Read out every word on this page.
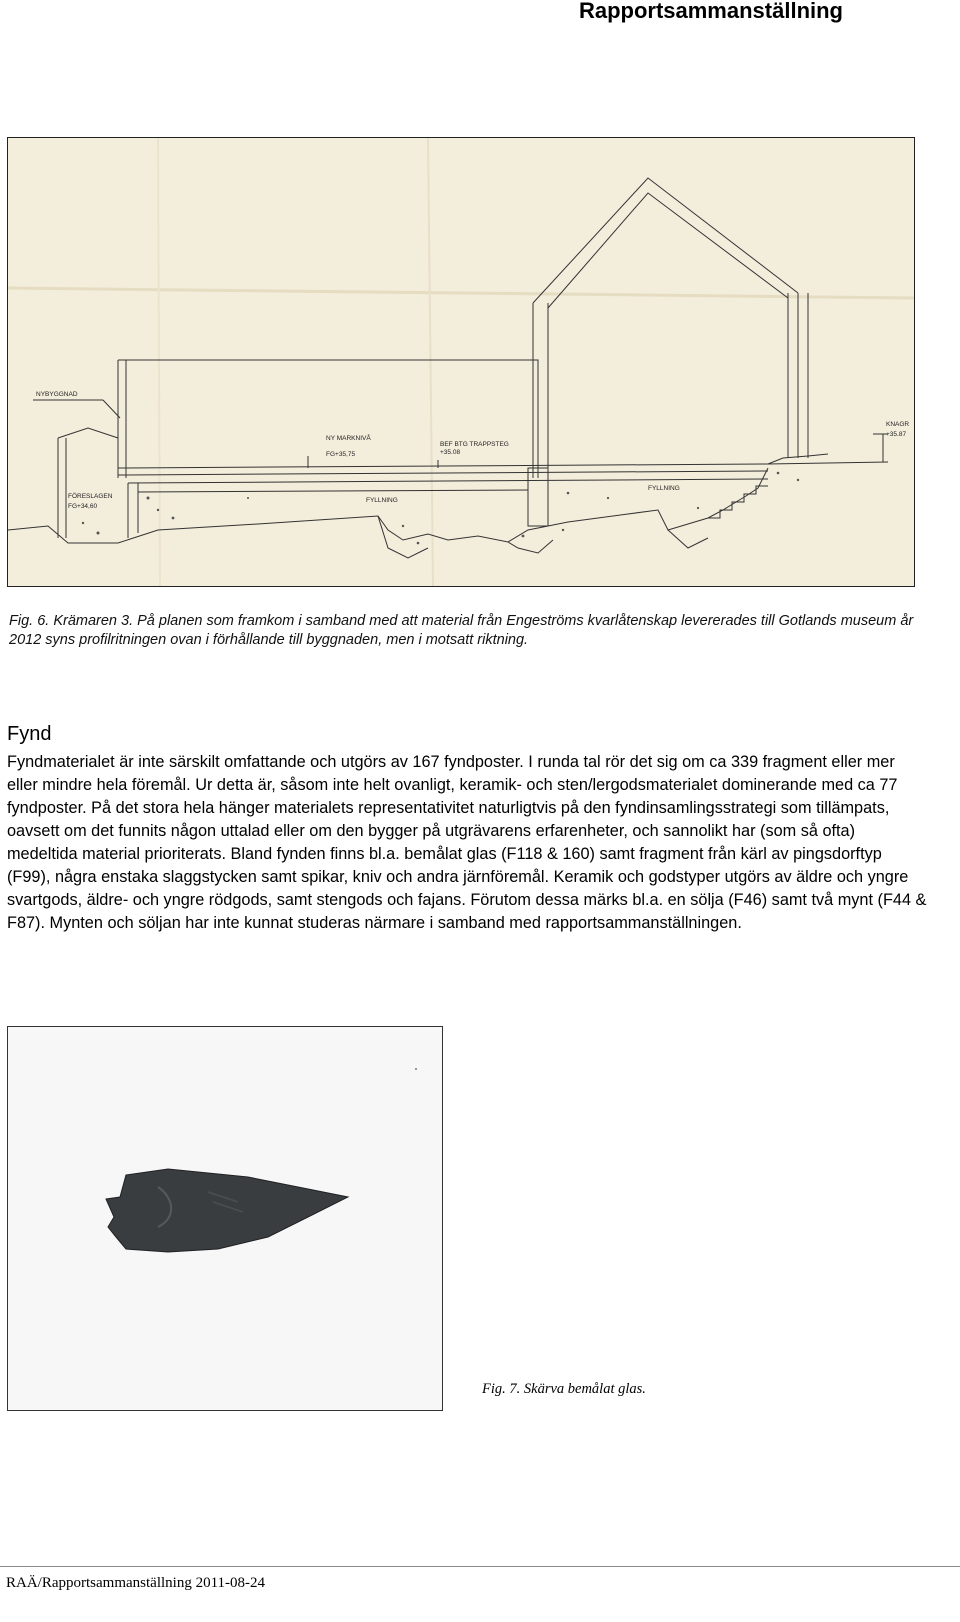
Rapportsammanställning
NYBYGGNAD
FÖRESLAGEN
FG+34,60
NY MARKNIVÅ
FG+35,75
BEF BTG TRAPPSTEG
+35.08
KNAGR
+35.87
FYLLNING
FYLLNING
Fig. 6. Krämaren 3. På planen som framkom i samband med att material från Engeströms kvarlåtenskap levererades till Gotlands museum år 2012 syns profilritningen ovan i förhållande till byggnaden, men i motsatt riktning.
Fynd
Fyndmaterialet är inte särskilt omfattande och utgörs av 167 fyndposter. I runda tal rör det sig om ca 339 fragment eller mer eller mindre hela föremål. Ur detta är, såsom inte helt ovanligt, keramik- och sten/lergodsmaterialet dominerande med ca 77 fyndposter. På det stora hela hänger materialets representativitet naturligtvis på den fyndinsamlingsstrategi som tillämpats, oavsett om det funnits någon uttalad eller om den bygger på utgrävarens erfarenheter, och sannolikt har (som så ofta) medeltida material prioriterats. Bland fynden finns bl.a. bemålat glas (F118 & 160) samt fragment från kärl av pingsdorftyp (F99), några enstaka slaggstycken samt spikar, kniv och andra järnföremål. Keramik och godstyper utgörs av äldre och yngre svartgods, äldre- och yngre rödgods, samt stengods och fajans. Förutom dessa märks bl.a. en sölja (F46) samt två mynt (F44 & F87). Mynten och söljan har inte kunnat studeras närmare i samband med rapportsammanställningen.
Fig. 7. Skärva bemålat glas.
RAÄ/Rapportsammanställning 2011-08-24
